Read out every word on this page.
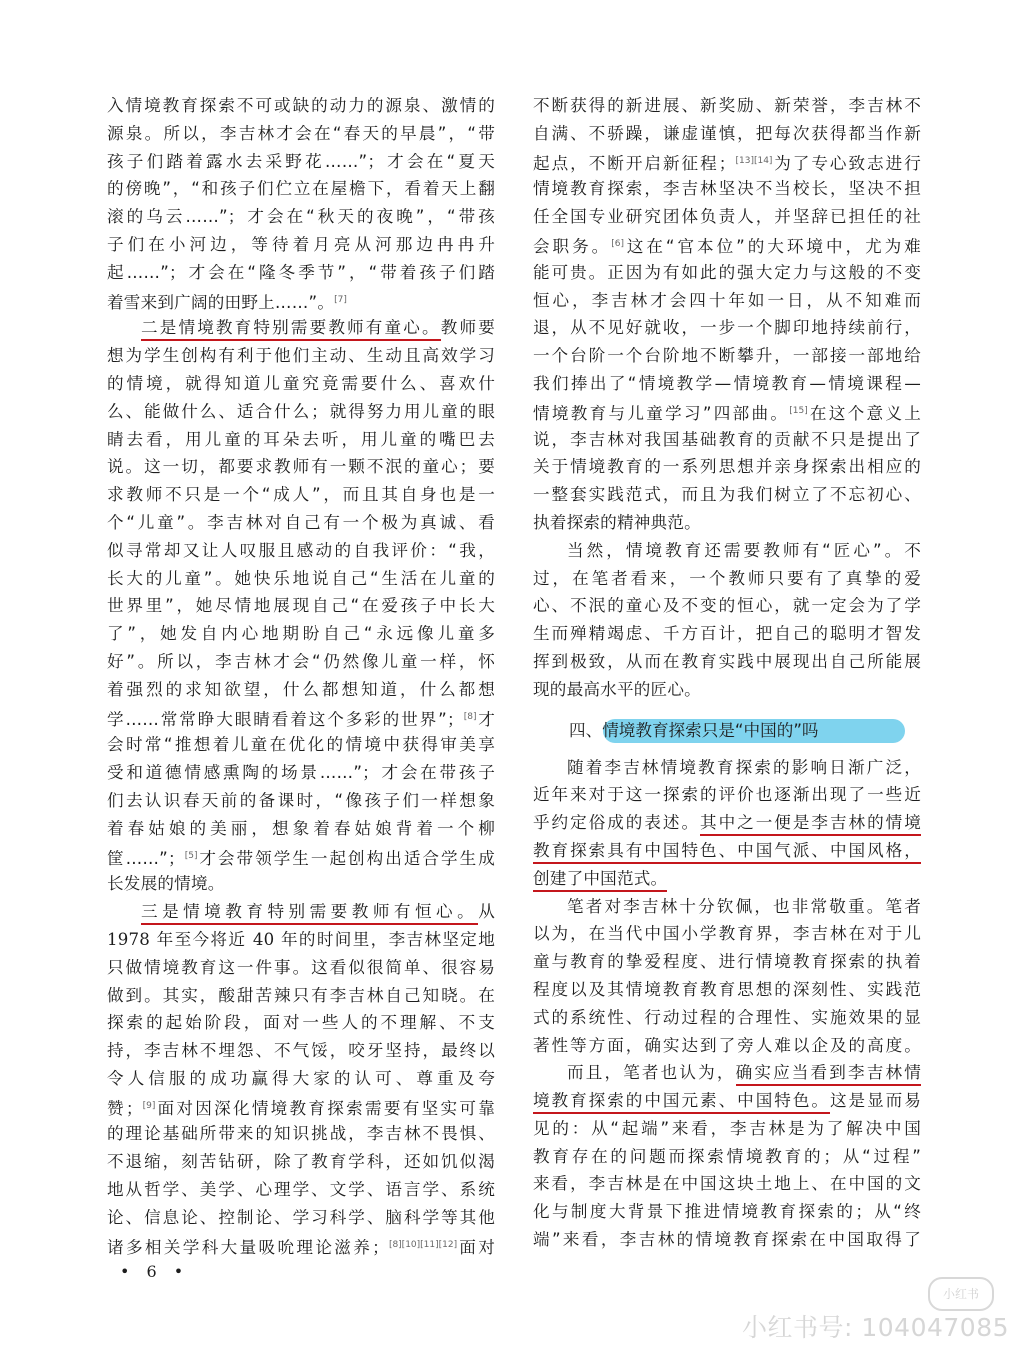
入情境教育探索不可或缺的动力的源泉、激情的
源泉。所以，李吉林才会在“春天的早晨”，“带
孩子们踏着露水去采野花……”；才会在“夏天
的傍晚”，“和孩子们伫立在屋檐下，看着天上翻
滚的乌云……”；才会在“秋天的夜晚”，“带孩
子们在小河边，等待着月亮从河那边冉冉升
起……”；才会在“隆冬季节”，“带着孩子们踏
着雪来到广阔的田野上……”。[7]
二是情境教育特别需要教师有童心。教师要
想为学生创构有利于他们主动、生动且高效学习
的情境，就得知道儿童究竟需要什么、喜欢什
么、能做什么、适合什么；就得努力用儿童的眼
睛去看，用儿童的耳朵去听，用儿童的嘴巴去
说。这一切，都要求教师有一颗不泯的童心；要
求教师不只是一个“成人”，而且其自身也是一
个“儿童”。李吉林对自己有一个极为真诚、看
似寻常却又让人叹服且感动的自我评价：“我，
长大的儿童”。她快乐地说自己“生活在儿童的
世界里”，她尽情地展现自己“在爱孩子中长大
了”，她发自内心地期盼自己“永远像儿童多
好”。所以，李吉林才会“仍然像儿童一样，怀
着强烈的求知欲望，什么都想知道，什么都想
学……常常睁大眼睛看着这个多彩的世界”；[8]才
会时常“推想着儿童在优化的情境中获得审美享
受和道德情感熏陶的场景……”；才会在带孩子
们去认识春天前的备课时，“像孩子们一样想象
着春姑娘的美丽，想象着春姑娘背着一个柳
筐……”；[5]才会带领学生一起创构出适合学生成
长发展的情境。
三是情境教育特别需要教师有恒心。从
1978 年至今将近 40 年的时间里，李吉林坚定地
只做情境教育这一件事。这看似很简单、很容易
做到。其实，酸甜苦辣只有李吉林自己知晓。在
探索的起始阶段，面对一些人的不理解、不支
持，李吉林不埋怨、不气馁，咬牙坚持，最终以
令人信服的成功赢得大家的认可、尊重及夸
赞；[9]面对因深化情境教育探索需要有坚实可靠
的理论基础所带来的知识挑战，李吉林不畏惧、
不退缩，刻苦钻研，除了教育学科，还如饥似渴
地从哲学、美学、心理学、文学、语言学、系统
论、信息论、控制论、学习科学、脑科学等其他
诸多相关学科大量吸吮理论滋养；[8][10][11][12]面对
不断获得的新进展、新奖励、新荣誉，李吉林不
自满、不骄躁，谦虚谨慎，把每次获得都当作新
起点，不断开启新征程；[13][14]为了专心致志进行
情境教育探索，李吉林坚决不当校长，坚决不担
任全国专业研究团体负责人，并坚辞已担任的社
会职务。[6]这在“官本位”的大环境中，尤为难
能可贵。正因为有如此的强大定力与这般的不变
恒心，李吉林才会四十年如一日，从不知难而
退，从不见好就收，一步一个脚印地持续前行，
一个台阶一个台阶地不断攀升，一部接一部地给
我们捧出了“情境教学—情境教育—情境课程—
情境教育与儿童学习”四部曲。[15]在这个意义上
说，李吉林对我国基础教育的贡献不只是提出了
关于情境教育的一系列思想并亲身探索出相应的
一整套实践范式，而且为我们树立了不忘初心、
执着探索的精神典范。
当然，情境教育还需要教师有“匠心”。不
过，在笔者看来，一个教师只要有了真挚的爱
心、不泯的童心及不变的恒心，就一定会为了学
生而殚精竭虑、千方百计，把自己的聪明才智发
挥到极致，从而在教育实践中展现出自己所能展
现的最高水平的匠心。
四、情境教育探索只是“中国的”吗
随着李吉林情境教育探索的影响日渐广泛，
近年来对于这一探索的评价也逐渐出现了一些近
乎约定俗成的表述。其中之一便是李吉林的情境
教育探索具有中国特色、中国气派、中国风格，
创建了中国范式。
笔者对李吉林十分钦佩，也非常敬重。笔者
以为，在当代中国小学教育界，李吉林在对于儿
童与教育的挚爱程度、进行情境教育探索的执着
程度以及其情境教育教育思想的深刻性、实践范
式的系统性、行动过程的合理性、实施效果的显
著性等方面，确实达到了旁人难以企及的高度。
而且，笔者也认为，确实应当看到李吉林情
境教育探索的中国元素、中国特色。这是显而易
见的：从“起端”来看，李吉林是为了解决中国
教育存在的问题而探索情境教育的；从“过程”
来看，李吉林是在中国这块土地上、在中国的文
化与制度大背景下推进情境教育探索的；从“终
端”来看，李吉林的情境教育探索在中国取得了
• 6 •
小红书
小红书号: 104047085
